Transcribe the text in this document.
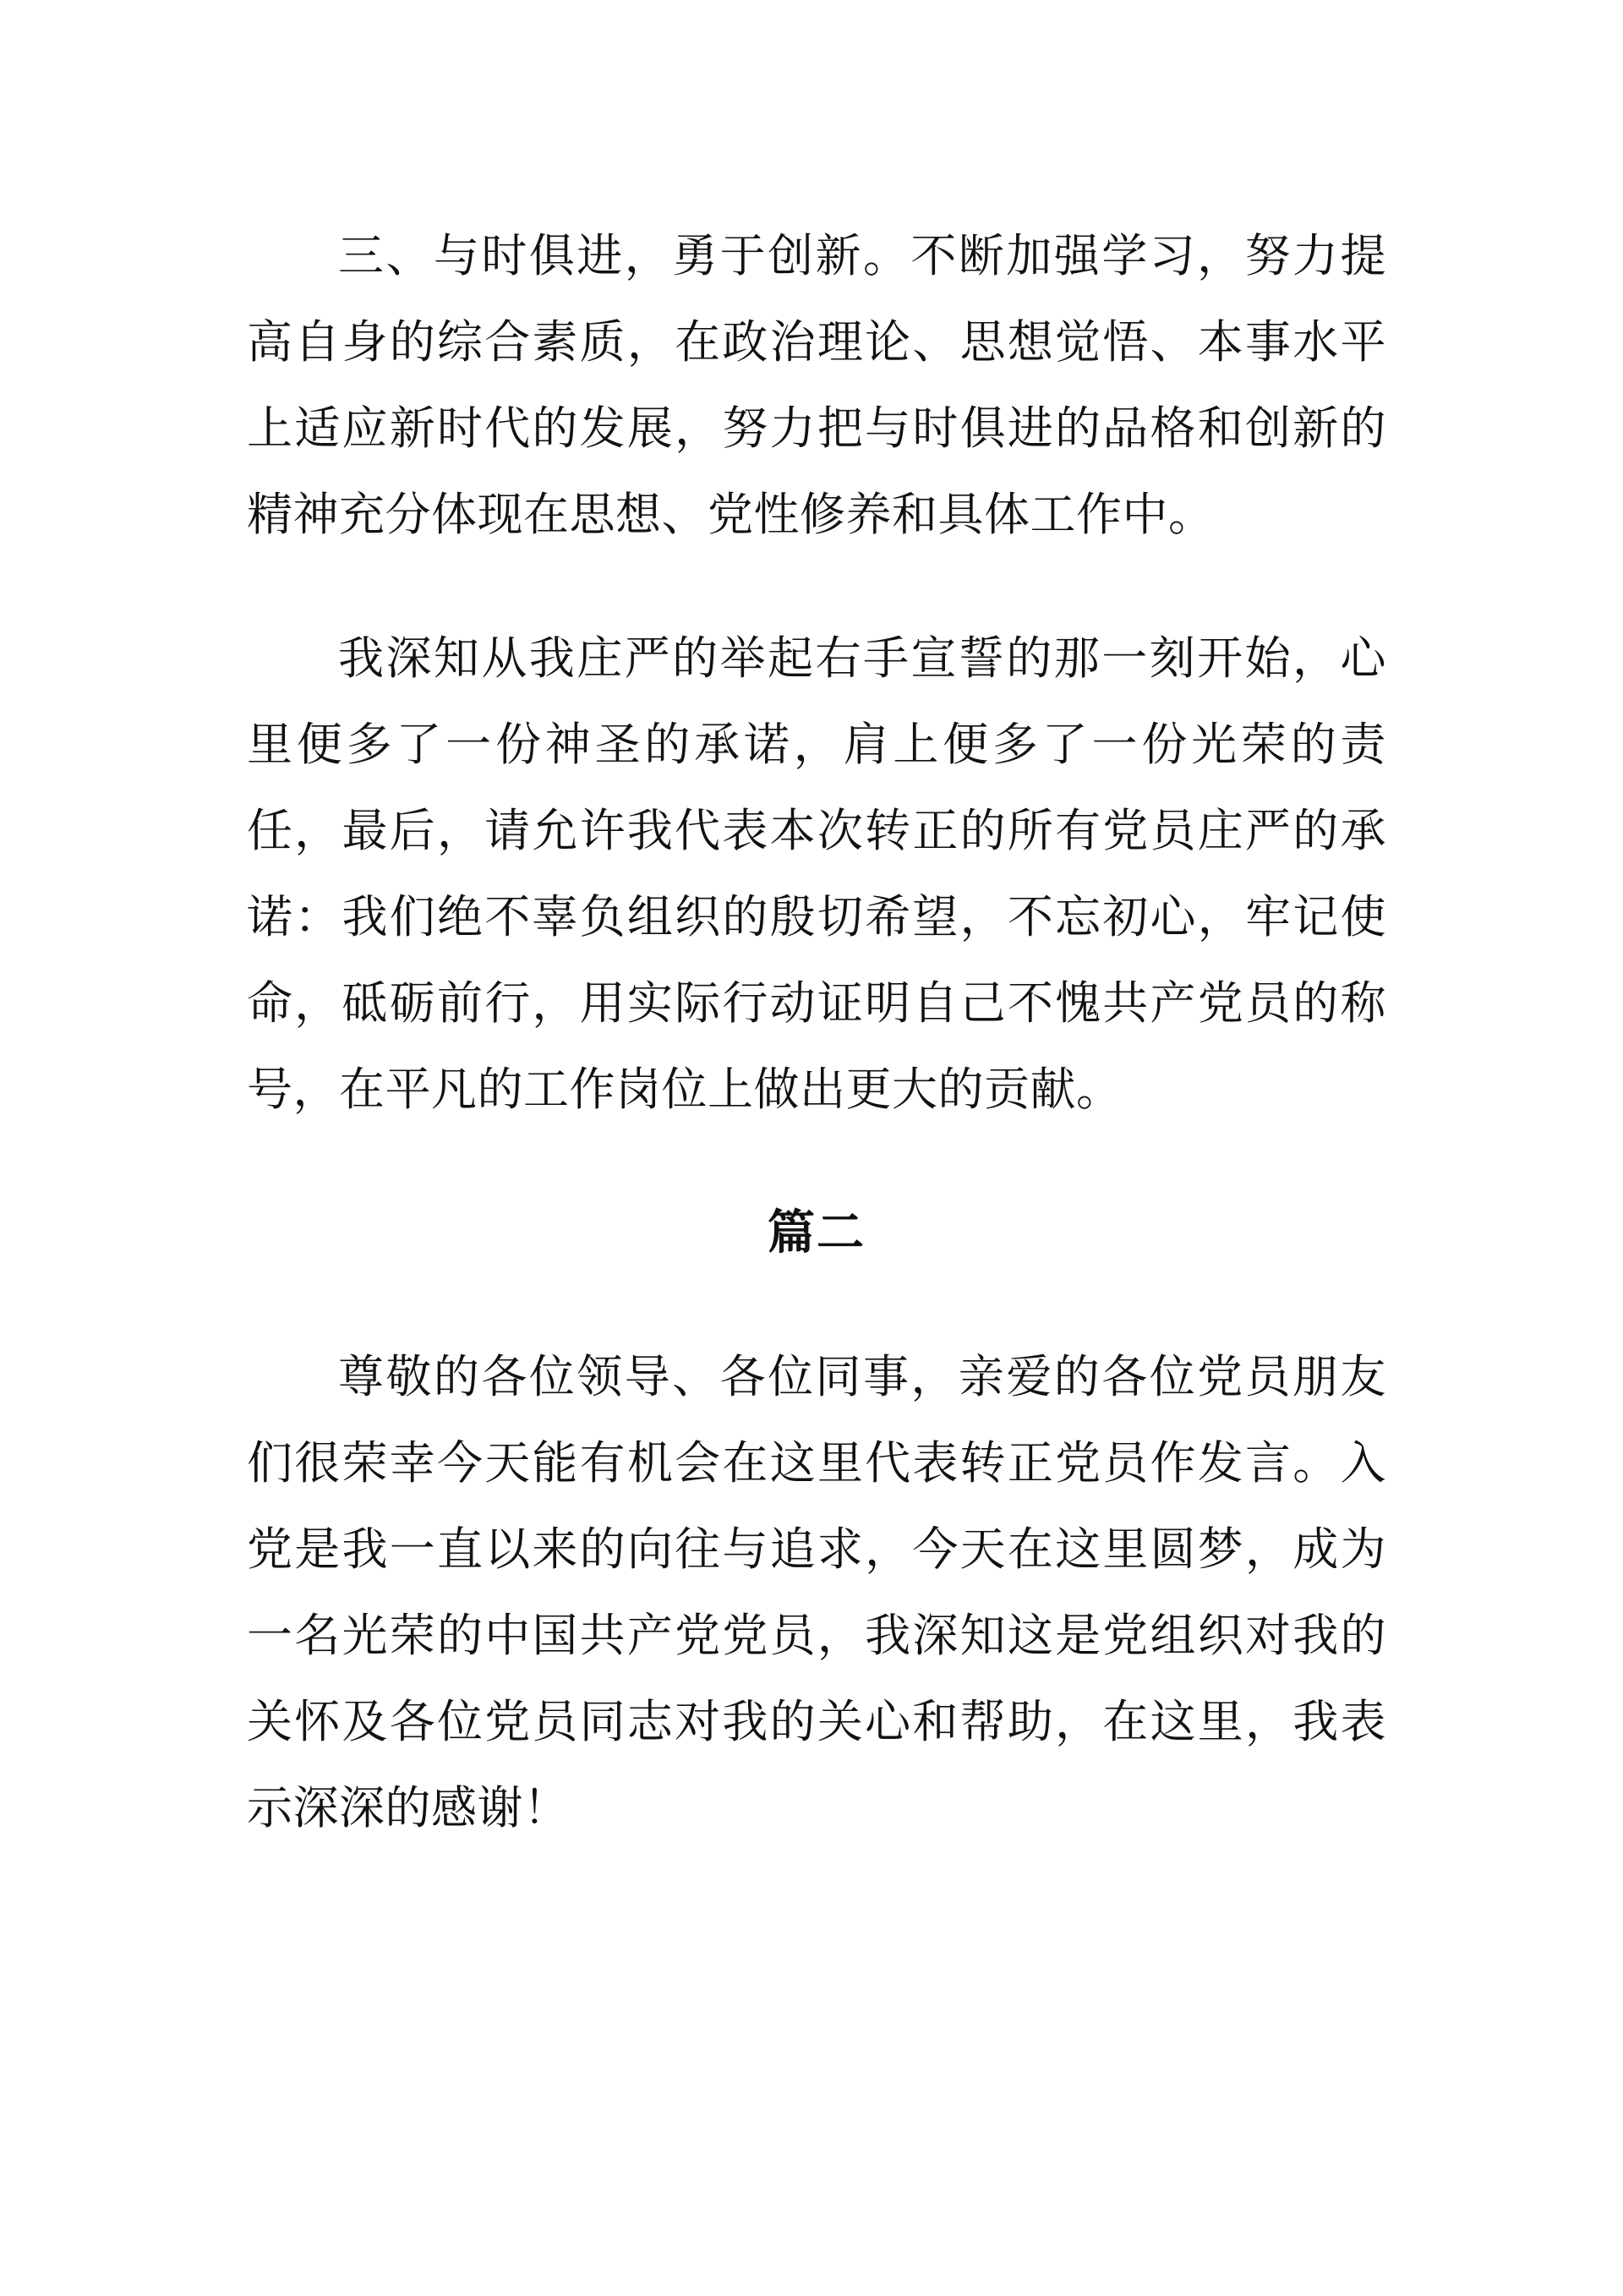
三、与时俱进，勇于创新。不断加强学习，努力提高自身的综合素质，在政治理论、思想觉悟、本事水平上适应新时代的发展，努力把与时俱进的品格和创新的精神充分体现在思想、党性修养和具体工作中。

我深知从我庄严的举起右手宣誓的那一刻开始，心里便多了一份神圣的承诺，肩上便多了一份光荣的责任，最后，请允许我代表本次转正的所有党员庄严的承诺：我们绝不辜负组织的殷切希望，不忘初心，牢记使命，砥砺前行，用实际行动证明自己不愧共产党员的称号，在平凡的工作岗位上做出更大的贡献。

篇二

尊敬的各位领导、各位同事，亲爱的各位党员朋友们很荣幸今天能有机会在这里代表转正党员作发言。入党是我一直以来的向往与追求，今天在这里圆梦，成为一名光荣的中国共产党党员，我深知这是党组织对我的关怀及各位党员同志对我的关心和帮助，在这里，我表示深深的感谢！
